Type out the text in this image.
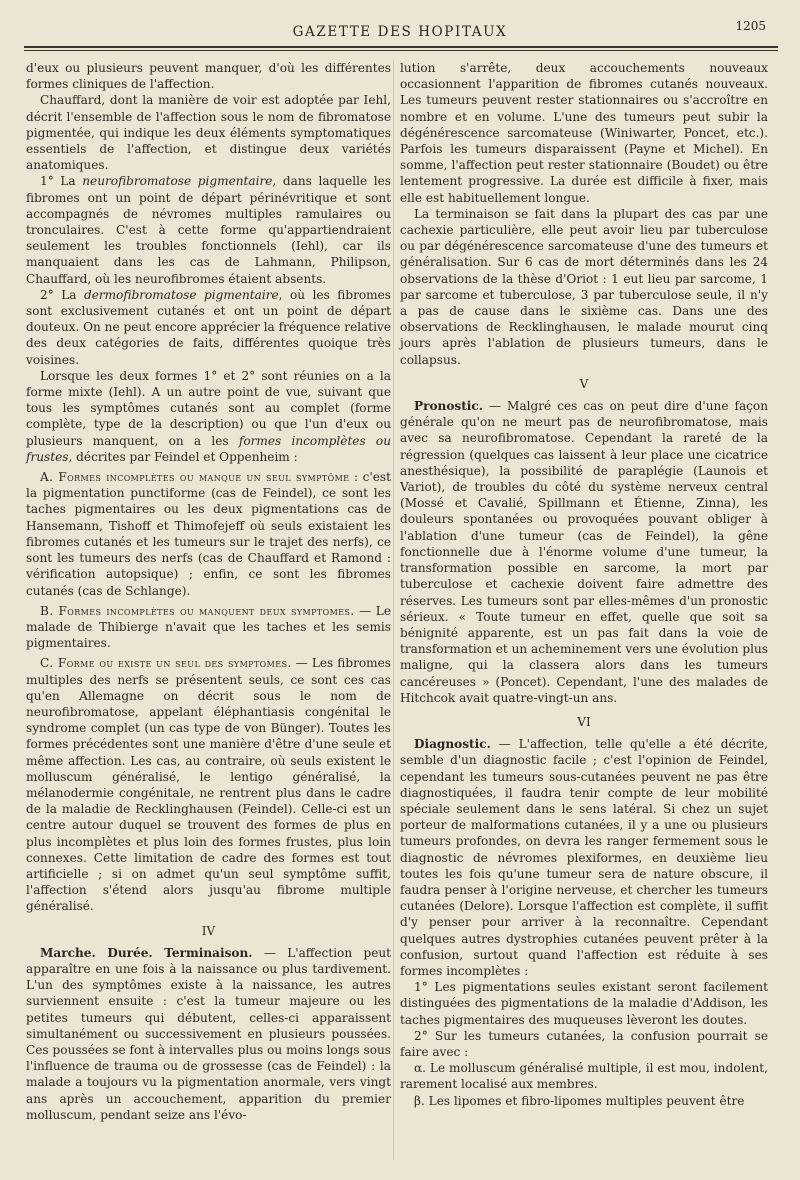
GAZETTE DES HOPITAUX	1205

d'eux ou plusieurs peuvent manquer, d'où les différentes formes cliniques de l'affection.

Chauffard, dont la manière de voir est adoptée par Iehl, décrit l'ensemble de l'affection sous le nom de fibromatose pigmentée, qui indique les deux éléments symptomatiques essentiels de l'affection, et distingue deux variétés anatomiques.

1° La neurofibromatose pigmentaire, dans laquelle les fibromes ont un point de départ périnévritique et sont accompagnés de névromes multiples ramulaires ou tronculaires. C'est à cette forme qu'appartiendraient seulement les troubles fonctionnels (Iehl), car ils manquaient dans les cas de Lahmann, Philipson, Chauffard, où les neurofibromes étaient absents.

2° La dermofibromatose pigmentaire, où les fibromes sont exclusivement cutanés et ont un point de départ douteux. On ne peut encore apprécier la fréquence relative des deux catégories de faits, différentes quoique très voisines.

Lorsque les deux formes 1° et 2° sont réunies on a la forme mixte (Iehl). A un autre point de vue, suivant que tous les symptômes cutanés sont au complet (forme complète, type de la description) ou que l'un d'eux ou plusieurs manquent, on a les formes incomplètes ou frustes, décrites par Feindel et Oppenheim :

A. Formes incomplètes ou manque un seul symptôme : c'est la pigmentation punctiforme (cas de Feindel), ce sont les taches pigmentaires ou les deux pigmentations cas de Hansemann, Tishoff et Thimofejeff où seuls existaient les fibromes cutanés et les tumeurs sur le trajet des nerfs), ce sont les tumeurs des nerfs (cas de Chauffard et Ramond : vérification autopsique) ; enfin, ce sont les fibromes cutanés (cas de Schlange).

B. Formes incomplètes ou manquent deux symptomes. — Le malade de Thibierge n'avait que les taches et les semis pigmentaires.

C. Forme ou existe un seul des symptomes. — Les fibromes multiples des nerfs se présentent seuls, ce sont ces cas qu'en Allemagne on décrit sous le nom de neurofibromatose, appelant éléphantiasis congénital le syndrome complet (un cas type de von Bünger). Toutes les formes précédentes sont une manière d'être d'une seule et même affection. Les cas, au contraire, où seuls existent le molluscum généralisé, le lentigo généralisé, la mélanodermie congénitale, ne rentrent plus dans le cadre de la maladie de Recklinghausen (Feindel). Celle-ci est un centre autour duquel se trouvent des formes de plus en plus incomplètes et plus loin des formes frustes, plus loin connexes. Cette limitation de cadre des formes est tout artificielle ; si on admet qu'un seul symptôme suffit, l'affection s'étend alors jusqu'au fibrome multiple généralisé.

IV

Marche. Durée. Terminaison. — L'affection peut apparaître en une fois à la naissance ou plus tardivement. L'un des symptômes existe à la naissance, les autres surviennent ensuite : c'est la tumeur majeure ou les petites tumeurs qui débutent, celles-ci apparaissent simultanément ou successivement en plusieurs poussées. Ces poussées se font à intervalles plus ou moins longs sous l'influence de trauma ou de grossesse (cas de Feindel) : la malade a toujours vu la pigmentation anormale, vers vingt ans après un accouchement, apparition du premier molluscum, pendant seize ans l'évo-

lution s'arrête, deux accouchements nouveaux occasionnent l'apparition de fibromes cutanés nouveaux. Les tumeurs peuvent rester stationnaires ou s'accroître en nombre et en volume. L'une des tumeurs peut subir la dégénérescence sarcomateuse (Winiwarter, Poncet, etc.). Parfois les tumeurs disparaissent (Payne et Michel). En somme, l'affection peut rester stationnaire (Boudet) ou être lentement progressive. La durée est difficile à fixer, mais elle est habituellement longue.

La terminaison se fait dans la plupart des cas par une cachexie particulière, elle peut avoir lieu par tuberculose ou par dégénérescence sarcomateuse d'une des tumeurs et généralisation. Sur 6 cas de mort déterminés dans les 24 observations de la thèse d'Oriot : 1 eut lieu par sarcome, 1 par sarcome et tuberculose, 3 par tuberculose seule, il n'y a pas de cause dans le sixième cas. Dans une des observations de Recklinghausen, le malade mourut cinq jours après l'ablation de plusieurs tumeurs, dans le collapsus.

V

Pronostic. — Malgré ces cas on peut dire d'une façon générale qu'on ne meurt pas de neurofibromatose, mais avec sa neurofibromatose. Cependant la rareté de la régression (quelques cas laissent à leur place une cicatrice anesthésique), la possibilité de paraplégie (Launois et Variot), de troubles du côté du système nerveux central (Mossé et Cavalié, Spillmann et Étienne, Zinna), les douleurs spontanées ou provoquées pouvant obliger à l'ablation d'une tumeur (cas de Feindel), la gêne fonctionnelle due à l'énorme volume d'une tumeur, la transformation possible en sarcome, la mort par tuberculose et cachexie doivent faire admettre des réserves. Les tumeurs sont par elles-mêmes d'un pronostic sérieux. « Toute tumeur en effet, quelle que soit sa bénignité apparente, est un pas fait dans la voie de transformation et un acheminement vers une évolution plus maligne, qui la classera alors dans les tumeurs cancéreuses » (Poncet). Cependant, l'une des malades de Hitchcok avait quatre-vingt-un ans.

VI

Diagnostic. — L'affection, telle qu'elle a été décrite, semble d'un diagnostic facile ; c'est l'opinion de Feindel, cependant les tumeurs sous-cutanées peuvent ne pas être diagnostiquées, il faudra tenir compte de leur mobilité spéciale seulement dans le sens latéral. Si chez un sujet porteur de malformations cutanées, il y a une ou plusieurs tumeurs profondes, on devra les ranger fermement sous le diagnostic de névromes plexiformes, en deuxième lieu toutes les fois qu'une tumeur sera de nature obscure, il faudra penser à l'origine nerveuse, et chercher les tumeurs cutanées (Delore). Lorsque l'affection est complète, il suffit d'y penser pour arriver à la reconnaître. Cependant quelques autres dystrophies cutanées peuvent prêter à la confusion, surtout quand l'affection est réduite à ses formes incomplètes :

1° Les pigmentations seules existant seront facilement distinguées des pigmentations de la maladie d'Addison, les taches pigmentaires des muqueuses lèveront les doutes.

2° Sur les tumeurs cutanées, la confusion pourrait se faire avec :

α. Le molluscum généralisé multiple, il est mou, indolent, rarement localisé aux membres.

β. Les lipomes et fibro-lipomes multiples peuvent être
